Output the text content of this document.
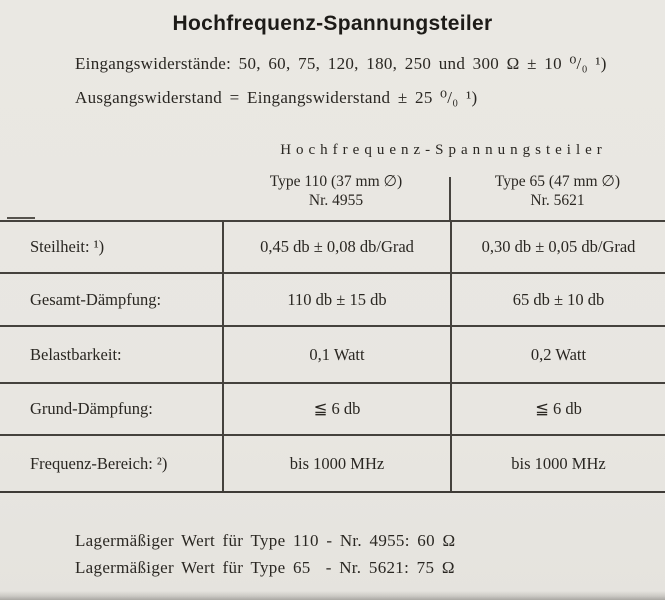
Hochfrequenz-Spannungsteiler
Eingangswiderstände: 50, 60, 75, 120, 180, 250 und 300 Ω ± 10 ⁰/₀ ¹)
Ausgangswiderstand = Eingangswiderstand ± 25 ⁰/₀ ¹)
Hochfrequenz-Spannungsteiler
Type 110 (37 mm ∅)
Nr. 4955
Type 65 (47 mm ∅)
Nr. 5621
Steilheit: ¹)	0,45 db ± 0,08 db/Grad	0,30 db ± 0,05 db/Grad
Gesamt-Dämpfung:	110 db ± 15 db	65 db ± 10 db
Belastbarkeit:	0,1 Watt	0,2 Watt
Grund-Dämpfung:	≦ 6 db	≦ 6 db
Frequenz-Bereich: ²)	bis 1000 MHz	bis 1000 MHz
Lagermäßiger Wert für Type 110 - Nr. 4955: 60 Ω
Lagermäßiger Wert für Type 65  - Nr. 5621: 75 Ω
